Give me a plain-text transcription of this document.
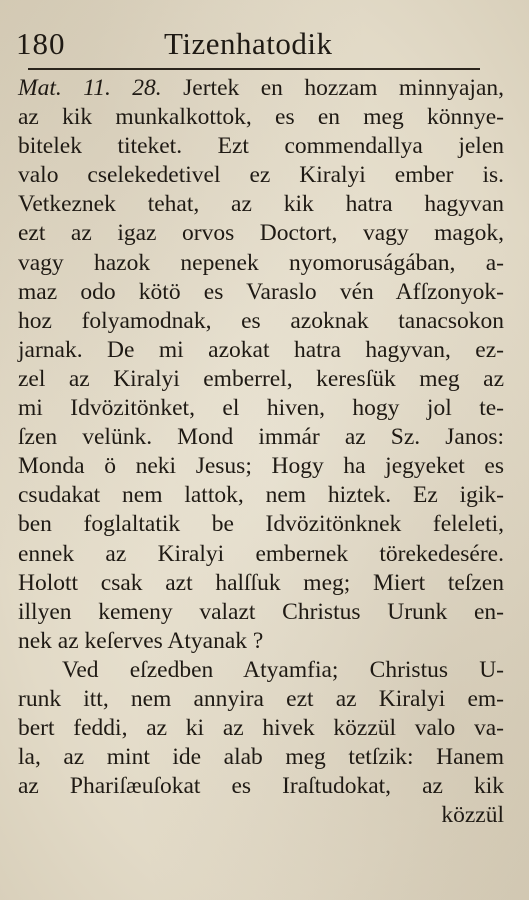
180	Tizenhatodik
Mat. 11. 28. Jertek en hozzam minnyajan,
az kik munkalkottok, es en meg könnye-
bitelek titeket. Ezt commendallya jelen
valo cselekedetivel ez Kiralyi ember is.
Vetkeznek tehat, az kik hatra hagyvan
ezt az igaz orvos Doctort, vagy magok,
vagy hazok nepenek nyomoruságában, a-
maz odo kötö es Varaslo vén Afſzonyok-
hoz folyamodnak, es azoknak tanacsokon
jarnak. De mi azokat hatra hagyvan, ez-
zel az Kiralyi emberrel, keresſük meg az
mi Idvözitönket, el hiven, hogy jol te-
ſzen velünk. Mond immár az Sz. Janos:
Monda ö neki Jesus; Hogy ha jegyeket es
csudakat nem lattok, nem hiztek. Ez igik-
ben foglaltatik be Idvözitönknek feleleti,
ennek az Kiralyi embernek törekedesére.
Holott csak azt halſſuk meg; Miert teſzen
illyen kemeny valazt Christus Urunk en-
nek az keſerves Atyanak ?
Ved eſzedben Atyamfia; Christus U-
runk itt, nem annyira ezt az Kiralyi em-
bert feddi, az ki az hivek közzül valo va-
la, az mint ide alab meg tetſzik: Hanem
az Phariſæuſokat es Iraſtudokat, az kik
közzül
